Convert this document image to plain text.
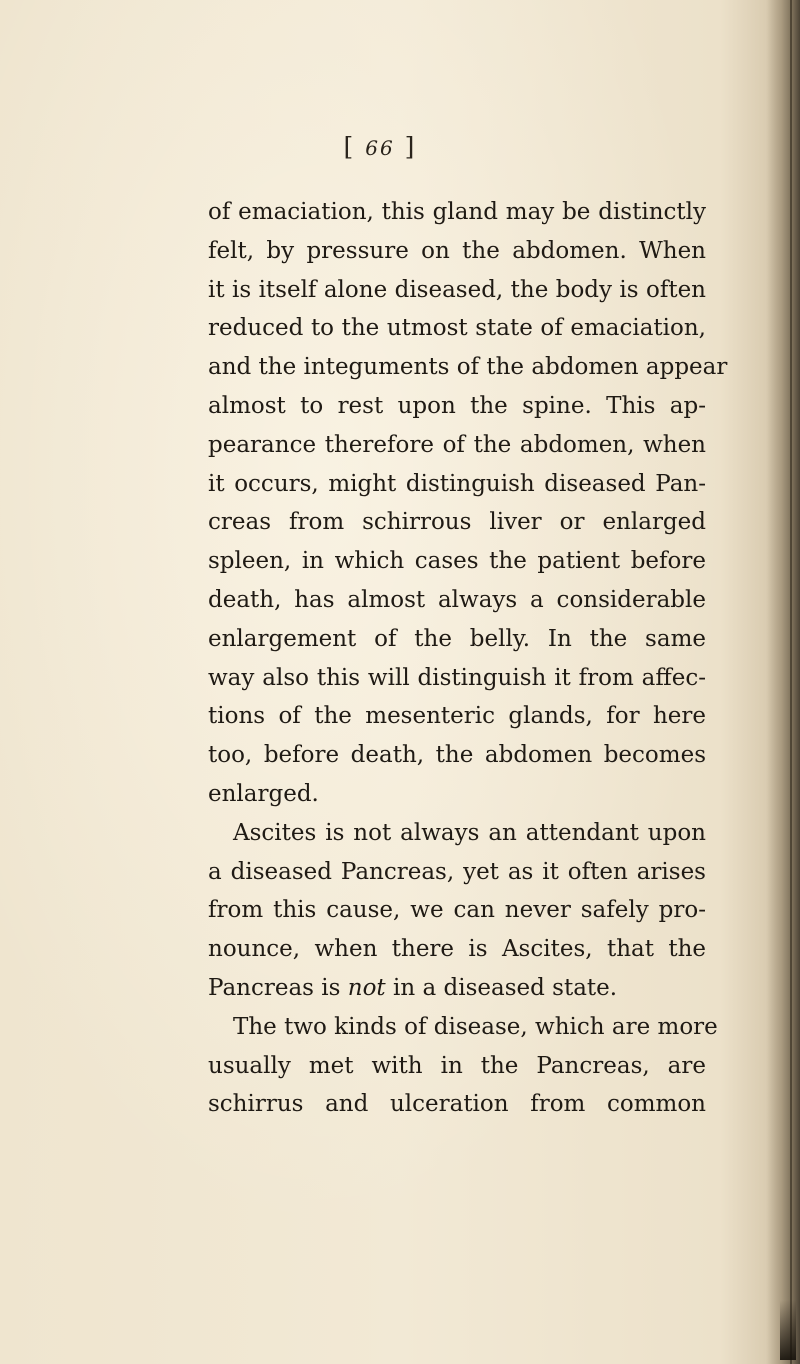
[ 66 ]
of emaciation, this gland may be distinctly
felt, by pressure on the abdomen. When
it is itself alone diseased, the body is often
reduced to the utmost state of emaciation,
and the integuments of the abdomen appear
almost to rest upon the spine. This ap-
pearance therefore of the abdomen, when
it occurs, might distinguish diseased Pan-
creas from schirrous liver or enlarged
spleen, in which cases the patient before
death, has almost always a considerable
enlargement of the belly. In the same
way also this will distinguish it from affec-
tions of the mesenteric glands, for here
too, before death, the abdomen becomes
enlarged.
Ascites is not always an attendant upon
a diseased Pancreas, yet as it often arises
from this cause, we can never safely pro-
nounce, when there is Ascites, that the
Pancreas is not in a diseased state.
The two kinds of disease, which are more
usually met with in the Pancreas, are
schirrus and ulceration from common
